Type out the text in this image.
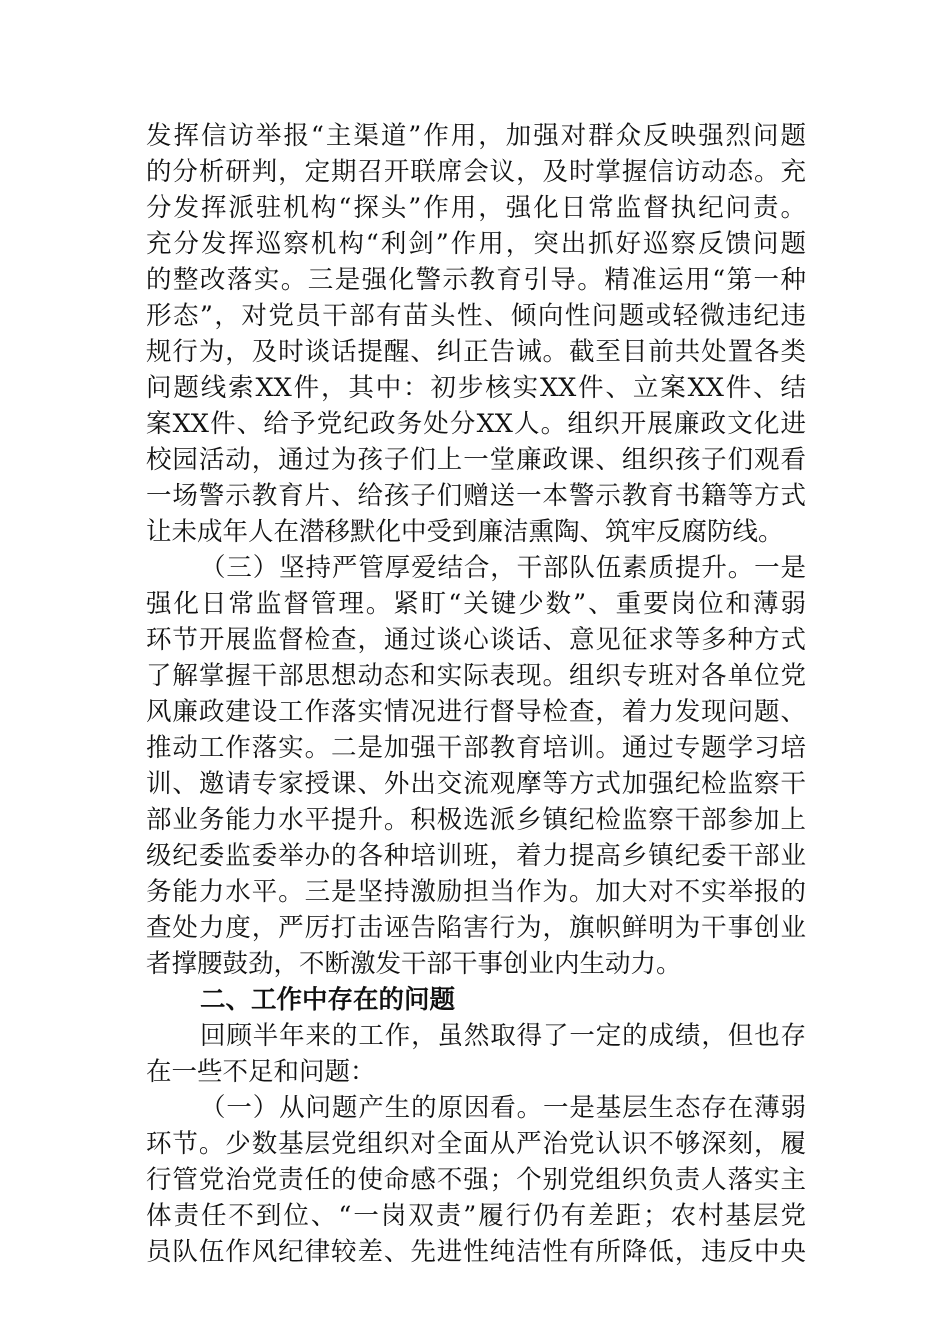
发挥信访举报“主渠道”作用，加强对群众反映强烈问题
的分析研判，定期召开联席会议，及时掌握信访动态。充
分发挥派驻机构“探头”作用，强化日常监督执纪问责。
充分发挥巡察机构“利剑”作用，突出抓好巡察反馈问题
的整改落实。三是强化警示教育引导。精准运用“第一种
形态”，对党员干部有苗头性、倾向性问题或轻微违纪违
规行为，及时谈话提醒、纠正告诫。截至目前共处置各类
问题线索XX件，其中：初步核实XX件、立案XX件、结
案XX件、给予党纪政务处分XX人。组织开展廉政文化进
校园活动，通过为孩子们上一堂廉政课、组织孩子们观看
一场警示教育片、给孩子们赠送一本警示教育书籍等方式
让未成年人在潜移默化中受到廉洁熏陶、筑牢反腐防线。
（三）坚持严管厚爱结合，干部队伍素质提升。一是
强化日常监督管理。紧盯“关键少数”、重要岗位和薄弱
环节开展监督检查，通过谈心谈话、意见征求等多种方式
了解掌握干部思想动态和实际表现。组织专班对各单位党
风廉政建设工作落实情况进行督导检查，着力发现问题、
推动工作落实。二是加强干部教育培训。通过专题学习培
训、邀请专家授课、外出交流观摩等方式加强纪检监察干
部业务能力水平提升。积极选派乡镇纪检监察干部参加上
级纪委监委举办的各种培训班，着力提高乡镇纪委干部业
务能力水平。三是坚持激励担当作为。加大对不实举报的
查处力度，严厉打击诬告陷害行为，旗帜鲜明为干事创业
者撑腰鼓劲，不断激发干部干事创业内生动力。
二、工作中存在的问题
回顾半年来的工作，虽然取得了一定的成绩，但也存
在一些不足和问题：
（一）从问题产生的原因看。一是基层生态存在薄弱
环节。少数基层党组织对全面从严治党认识不够深刻，履
行管党治党责任的使命感不强；个别党组织负责人落实主
体责任不到位、“一岗双责”履行仍有差距；农村基层党
员队伍作风纪律较差、先进性纯洁性有所降低，违反中央
